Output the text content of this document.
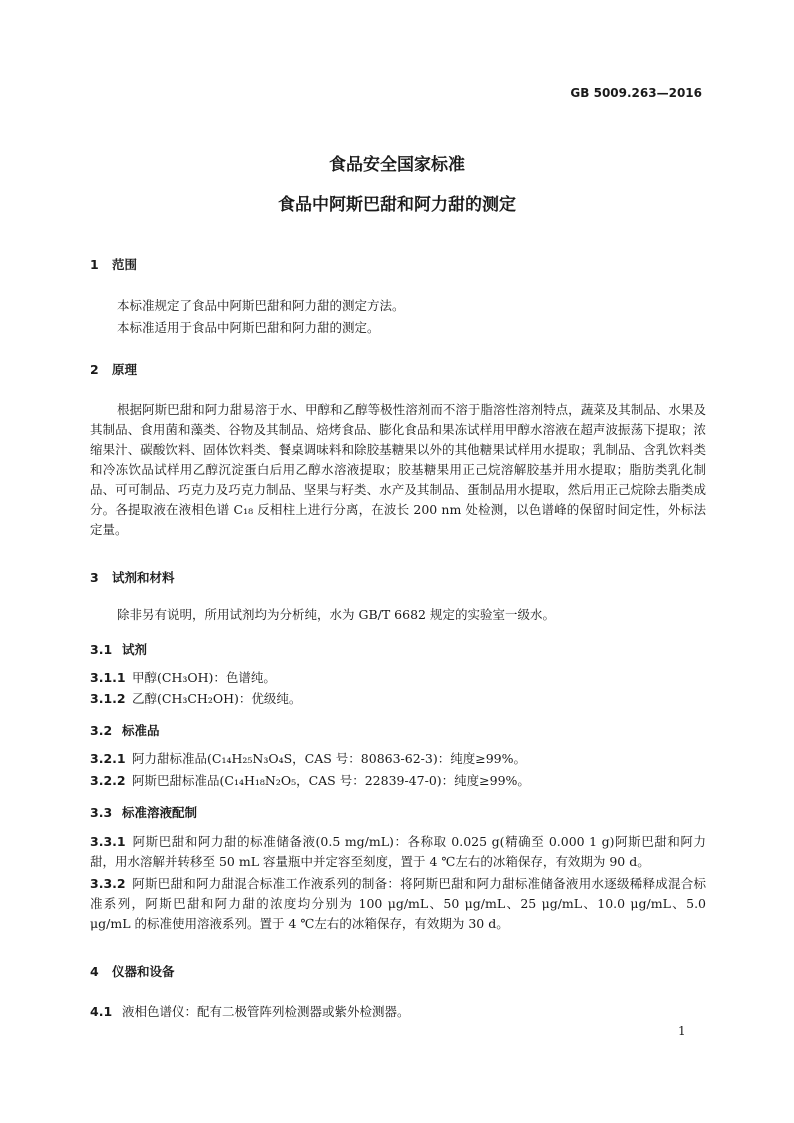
GB 5009.263—2016
食品安全国家标准
食品中阿斯巴甜和阿力甜的测定
1 范围
本标准规定了食品中阿斯巴甜和阿力甜的测定方法。
本标准适用于食品中阿斯巴甜和阿力甜的测定。
2 原理
根据阿斯巴甜和阿力甜易溶于水、甲醇和乙醇等极性溶剂而不溶于脂溶性溶剂特点，蔬菜及其制品、水果及其制品、食用菌和藻类、谷物及其制品、焙烤食品、膨化食品和果冻试样用甲醇水溶液在超声波振荡下提取；浓缩果汁、碳酸饮料、固体饮料类、餐桌调味料和除胶基糖果以外的其他糖果试样用水提取；乳制品、含乳饮料类和冷冻饮品试样用乙醇沉淀蛋白后用乙醇水溶液提取；胶基糖果用正己烷溶解胶基并用水提取；脂肪类乳化制品、可可制品、巧克力及巧克力制品、坚果与籽类、水产及其制品、蛋制品用水提取，然后用正己烷除去脂类成分。各提取液在液相色谱 C₁₈ 反相柱上进行分离，在波长 200 nm 处检测，以色谱峰的保留时间定性，外标法定量。
3 试剂和材料
除非另有说明，所用试剂均为分析纯，水为 GB/T 6682 规定的实验室一级水。
3.1 试剂
3.1.1 甲醇(CH₃OH)：色谱纯。
3.1.2 乙醇(CH₃CH₂OH)：优级纯。
3.2 标准品
3.2.1 阿力甜标准品(C₁₄H₂₅N₃O₄S，CAS 号：80863-62-3)：纯度≥99%。
3.2.2 阿斯巴甜标准品(C₁₄H₁₈N₂O₅，CAS 号：22839-47-0)：纯度≥99%。
3.3 标准溶液配制
3.3.1 阿斯巴甜和阿力甜的标准储备液(0.5 mg/mL)：各称取 0.025 g(精确至 0.000 1 g)阿斯巴甜和阿力甜，用水溶解并转移至 50 mL 容量瓶中并定容至刻度，置于 4 ℃左右的冰箱保存，有效期为 90 d。
3.3.2 阿斯巴甜和阿力甜混合标准工作液系列的制备：将阿斯巴甜和阿力甜标准储备液用水逐级稀释成混合标准系列，阿斯巴甜和阿力甜的浓度均分别为 100 μg/mL、50 μg/mL、25 μg/mL、10.0 μg/mL、5.0 μg/mL 的标准使用溶液系列。置于 4 ℃左右的冰箱保存，有效期为 30 d。
4 仪器和设备
4.1 液相色谱仪：配有二极管阵列检测器或紫外检测器。
1
